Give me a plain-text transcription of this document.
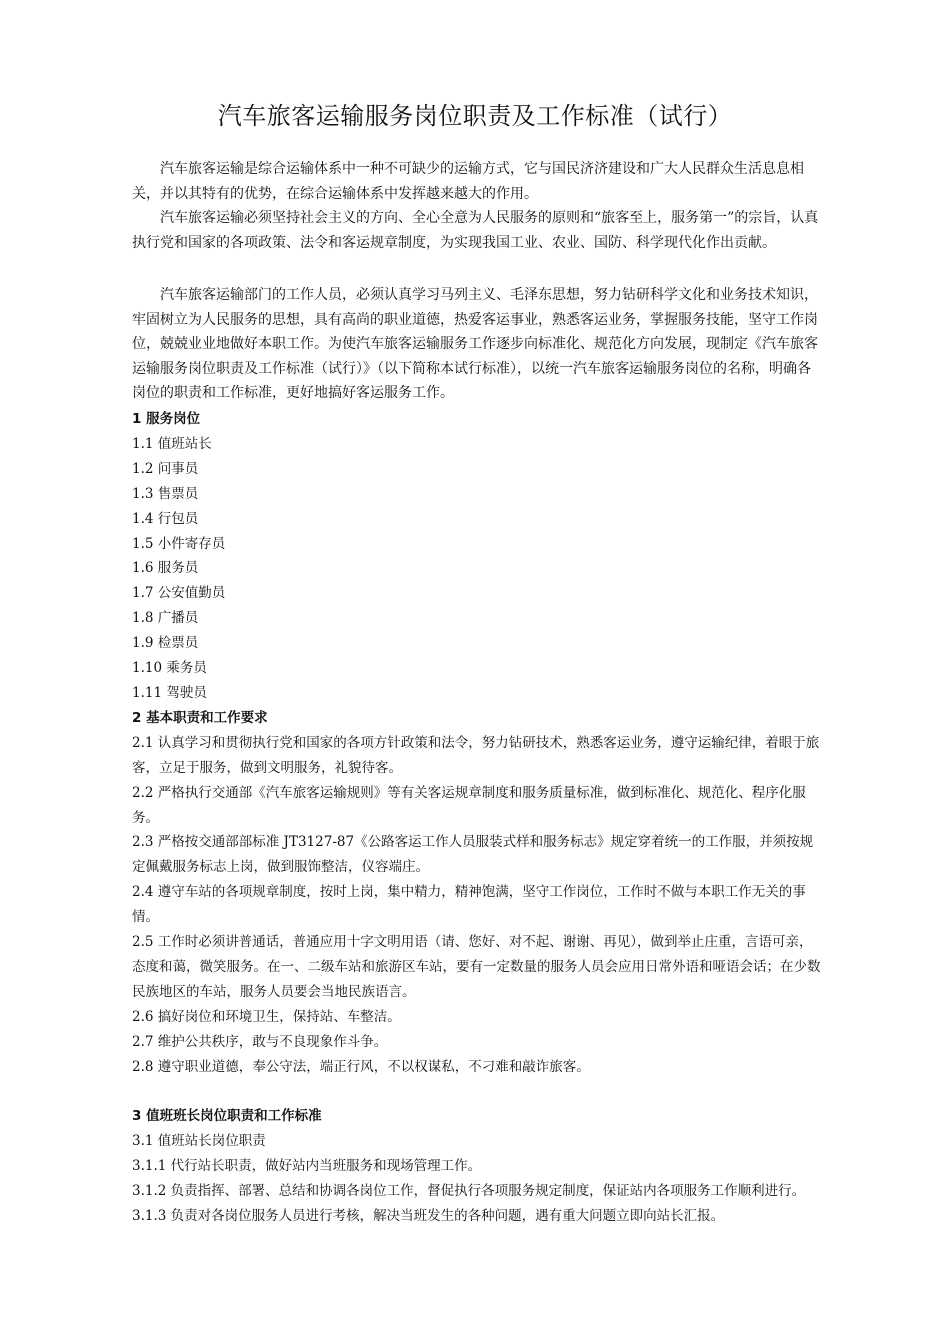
汽车旅客运输服务岗位职责及工作标准（试行）

汽车旅客运输是综合运输体系中一种不可缺少的运输方式，它与国民济济建设和广大人民群众生活息息相关，并以其特有的优势，在综合运输体系中发挥越来越大的作用。

汽车旅客运输必须坚持社会主义的方向、全心全意为人民服务的原则和“旅客至上，服务第一”的宗旨，认真执行党和国家的各项政策、法令和客运规章制度，为实现我国工业、农业、国防、科学现代化作出贡献。

汽车旅客运输部门的工作人员，必须认真学习马列主义、毛泽东思想，努力钻研科学文化和业务技术知识，牢固树立为人民服务的思想，具有高尚的职业道德，热爱客运事业，熟悉客运业务，掌握服务技能，坚守工作岗位，兢兢业业地做好本职工作。为使汽车旅客运输服务工作逐步向标准化、规范化方向发展，现制定《汽车旅客运输服务岗位职责及工作标准（试行）》（以下简称本试行标准），以统一汽车旅客运输服务岗位的名称，明确各岗位的职责和工作标准，更好地搞好客运服务工作。

1 服务岗位
1.1 值班站长
1.2 问事员
1.3 售票员
1.4 行包员
1.5 小件寄存员
1.6 服务员
1.7 公安值勤员
1.8 广播员
1.9 检票员
1.10 乘务员
1.11 驾驶员
2 基本职责和工作要求
2.1 认真学习和贯彻执行党和国家的各项方针政策和法令，努力钻研技术，熟悉客运业务，遵守运输纪律，着眼于旅客，立足于服务，做到文明服务，礼貌待客。
2.2 严格执行交通部《汽车旅客运输规则》等有关客运规章制度和服务质量标准，做到标准化、规范化、程序化服务。
2.3 严格按交通部部标准 JT3127-87《公路客运工作人员服装式样和服务标志》规定穿着统一的工作服，并须按规定佩戴服务标志上岗，做到服饰整洁，仪容端庄。
2.4 遵守车站的各项规章制度，按时上岗，集中精力，精神饱满，坚守工作岗位，工作时不做与本职工作无关的事情。
2.5 工作时必须讲普通话，普通应用十字文明用语（请、您好、对不起、谢谢、再见），做到举止庄重，言语可亲，态度和蔼，微笑服务。在一、二级车站和旅游区车站，要有一定数量的服务人员会应用日常外语和哑语会话；在少数民族地区的车站，服务人员要会当地民族语言。
2.6 搞好岗位和环境卫生，保持站、车整洁。
2.7 维护公共秩序，敢与不良现象作斗争。
2.8 遵守职业道德，奉公守法，端正行风，不以权谋私，不刁难和敲诈旅客。
3 值班班长岗位职责和工作标准
3.1 值班站长岗位职责
3.1.1 代行站长职责，做好站内当班服务和现场管理工作。
3.1.2 负责指挥、部署、总结和协调各岗位工作，督促执行各项服务规定制度，保证站内各项服务工作顺利进行。
3.1.3 负责对各岗位服务人员进行考核，解决当班发生的各种问题，遇有重大问题立即向站长汇报。
